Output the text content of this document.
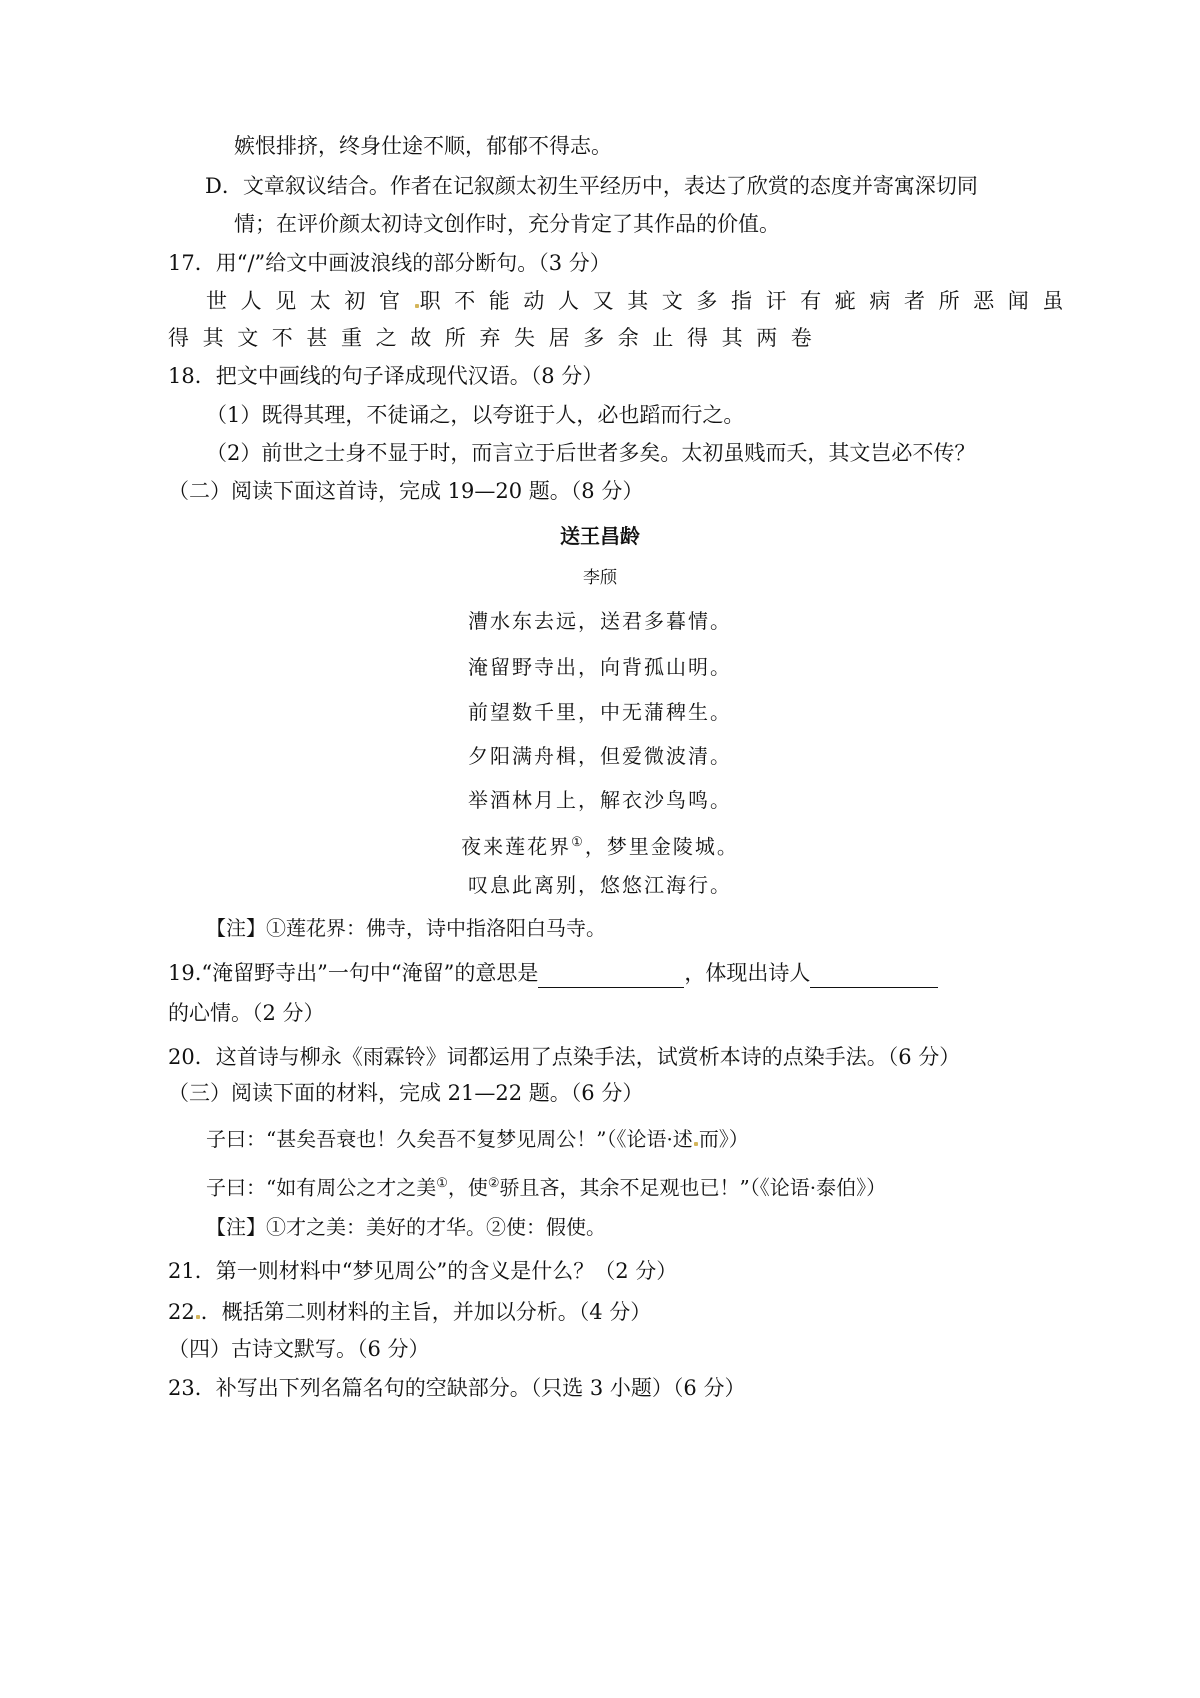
嫉恨排挤，终身仕途不顺，郁郁不得志。
D．文章叙议结合。作者在记叙颜太初生平经历中，表达了欣赏的态度并寄寓深切同
情；在评价颜太初诗文创作时，充分肯定了其作品的价值。
17．用“/”给文中画波浪线的部分断句。（3 分）
世人见太初官 职不能动人又其文多指讦有疵病者所恶闻虽
得其文不甚重之故所弃失居多余止得其两卷
18．把文中画线的句子译成现代汉语。（8 分）
（1）既得其理，不徒诵之，以夸诳于人，必也蹈而行之。
（2）前世之士身不显于时，而言立于后世者多矣。太初虽贱而夭，其文岂必不传？
（二）阅读下面这首诗，完成 19—20 题。（8 分）
送王昌龄
李颀
漕水东去远，送君多暮情。
淹留野寺出，向背孤山明。
前望数千里，中无蒲稗生。
夕阳满舟楫，但爱微波清。
举酒林月上，解衣沙鸟鸣。
夜来莲花界①，梦里金陵城。
叹息此离别，悠悠江海行。
【注】①莲花界：佛寺，诗中指洛阳白马寺。
19.“淹留野寺出”一句中“淹留”的意思是	，体现出诗人
的心情。（2 分）
20．这首诗与柳永《雨霖铃》词都运用了点染手法，试赏析本诗的点染手法。（6 分）
（三）阅读下面的材料，完成 21—22 题。（6 分）
子曰：“甚矣吾衰也！久矣吾不复梦见周公！”（《论语·述 而》）
子曰：“如有周公之才之美①，使②骄且吝，其余不足观也已！”（《论语·泰伯》）
【注】①才之美：美好的才华。②使：假使。
21．第一则材料中“梦见周公”的含义是什么？（2 分）
22 ．概括第二则材料的主旨，并加以分析。（4 分）
（四）古诗文默写。（6 分）
23．补写出下列名篇名句的空缺部分。（只选 3 小题）（6 分）
